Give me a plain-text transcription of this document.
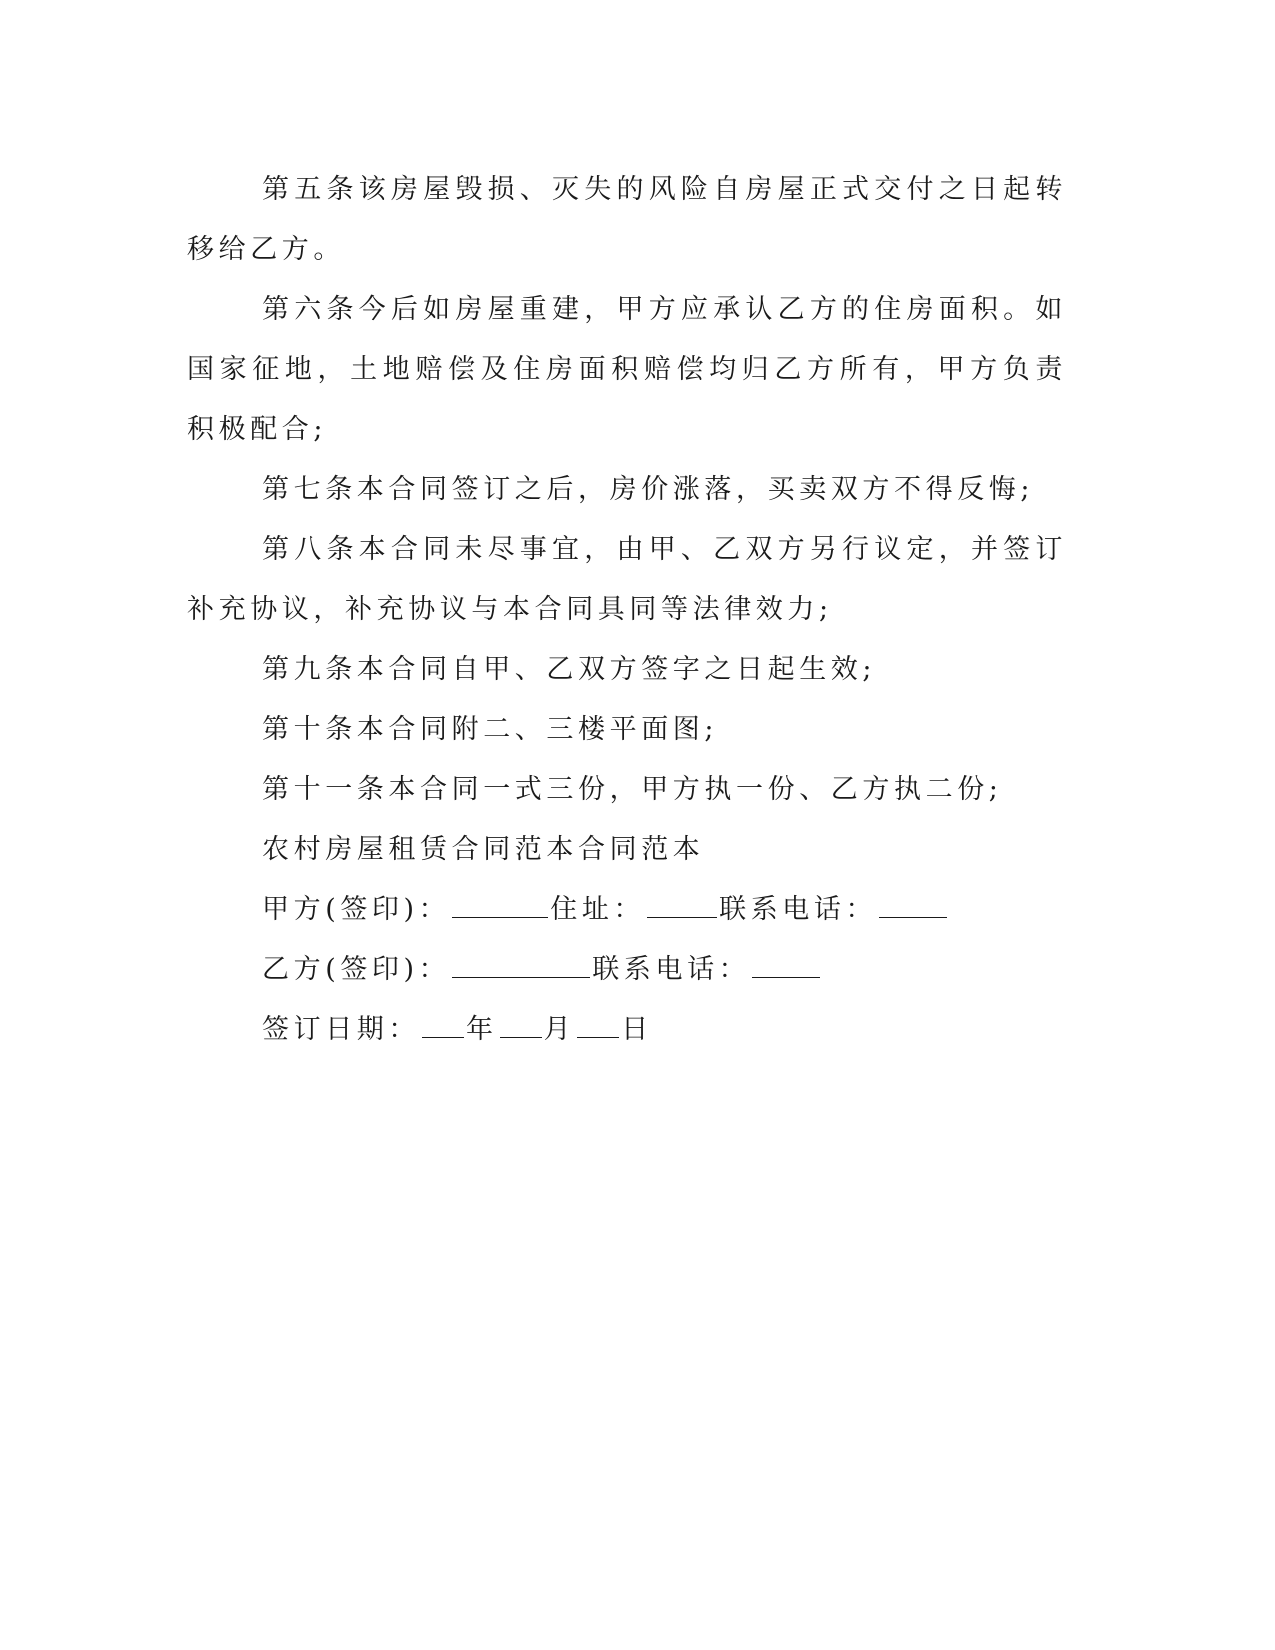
第五条该房屋毁损、灭失的风险自房屋正式交付之日起转移给乙方。

第六条今后如房屋重建，甲方应承认乙方的住房面积。如国家征地，土地赔偿及住房面积赔偿均归乙方所有，甲方负责积极配合;

第七条本合同签订之后，房价涨落，买卖双方不得反悔;

第八条本合同未尽事宜，由甲、乙双方另行议定，并签订补充协议，补充协议与本合同具同等法律效力;

第九条本合同自甲、乙双方签字之日起生效;

第十条本合同附二、三楼平面图;

第十一条本合同一式三份，甲方执一份、乙方执二份;

农村房屋租赁合同范本合同范本

甲方(签印)：	住址：	联系电话：

乙方(签印)：	联系电话：

签订日期： 年 月 日
